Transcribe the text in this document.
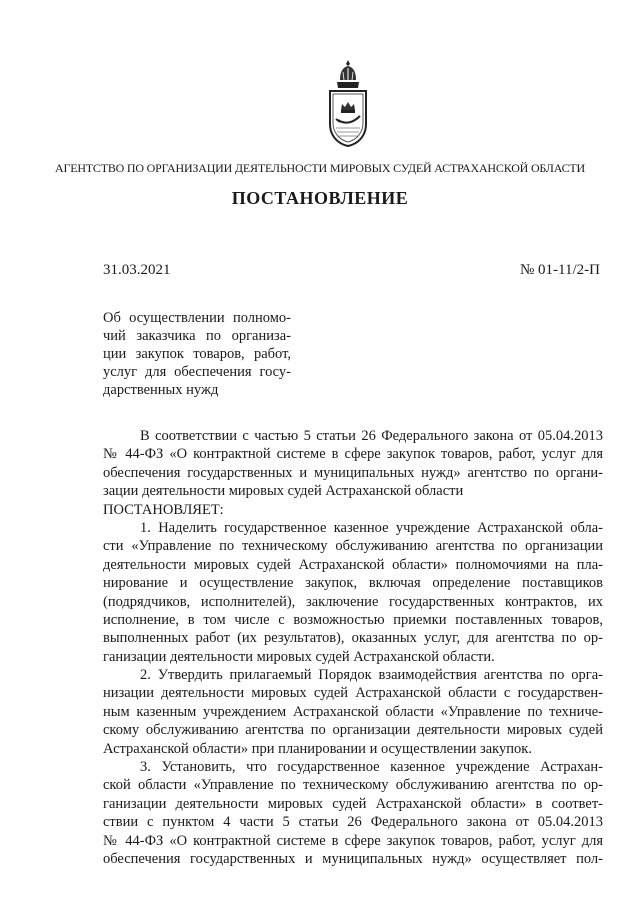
АГЕНТСТВО ПО ОРГАНИЗАЦИИ ДЕЯТЕЛЬНОСТИ МИРОВЫХ СУДЕЙ АСТРАХАНСКОЙ ОБЛАСТИ
ПОСТАНОВЛЕНИЕ
31.03.2021	№ 01-11/2-П
Об осуществлении полномо-
чий заказчика по организа-
ции закупок товаров, работ,
услуг для обеспечения госу-
дарственных нужд
В соответствии с частью 5 статьи 26 Федерального закона от 05.04.2013
№ 44-ФЗ «О контрактной системе в сфере закупок товаров, работ, услуг для
обеспечения государственных и муниципальных нужд» агентство по органи-
зации деятельности мировых судей Астраханской области
ПОСТАНОВЛЯЕТ:
1. Наделить государственное казенное учреждение Астраханской обла-
сти «Управление по техническому обслуживанию агентства по организации
деятельности мировых судей Астраханской области» полномочиями на пла-
нирование и осуществление закупок, включая определение поставщиков
(подрядчиков, исполнителей), заключение государственных контрактов, их
исполнение, в том числе с возможностью приемки поставленных товаров,
выполненных работ (их результатов), оказанных услуг, для агентства по ор-
ганизации деятельности мировых судей Астраханской области.
2. Утвердить прилагаемый Порядок взаимодействия агентства по орга-
низации деятельности мировых судей Астраханской области с государствен-
ным казенным учреждением Астраханской области «Управление по техниче-
скому обслуживанию агентства по организации деятельности мировых судей
Астраханской области» при планировании и осуществлении закупок.
3. Установить, что государственное казенное учреждение Астрахан-
ской области «Управление по техническому обслуживанию агентства по ор-
ганизации деятельности мировых судей Астраханской области» в соответ-
ствии с пунктом 4 части 5 статьи 26 Федерального закона от 05.04.2013
№ 44-ФЗ «О контрактной системе в сфере закупок товаров, работ, услуг для
обеспечения государственных и муниципальных нужд» осуществляет пол-
